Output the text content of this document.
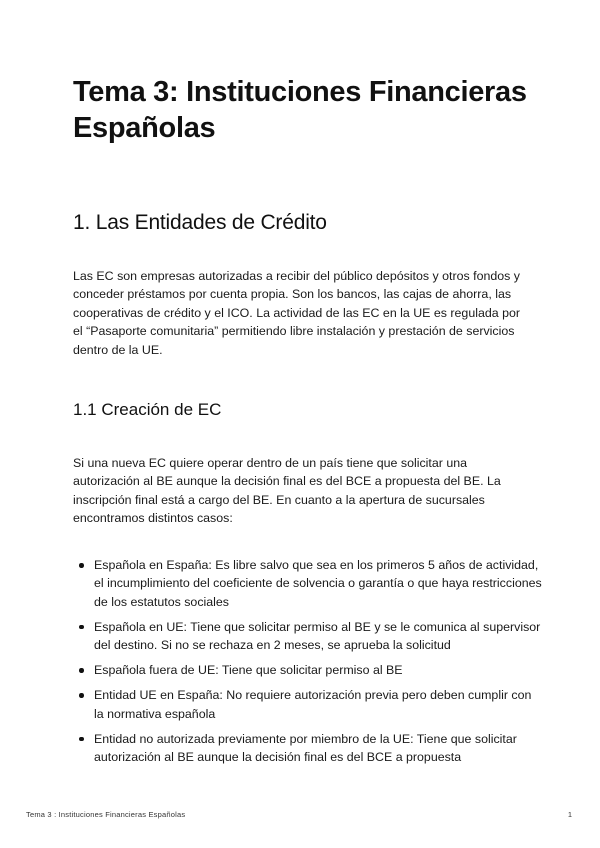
Tema 3: Instituciones Financieras Españolas
1. Las Entidades de Crédito

Las EC son empresas autorizadas a recibir del público depósitos y otros fondos y conceder préstamos por cuenta propia. Son los bancos, las cajas de ahorra, las cooperativas de crédito y el ICO. La actividad de las EC en la UE es regulada por el “Pasaporte comunitaria” permitiendo libre instalación y prestación de servicios dentro de la UE.

1.1 Creación de EC

Si una nueva EC quiere operar dentro de un país tiene que solicitar una autorización al BE aunque la decisión final es del BCE a propuesta del BE. La inscripción final está a cargo del BE. En cuanto a la apertura de sucursales encontramos distintos casos:

Española en España: Es libre salvo que sea en los primeros 5 años de actividad, el incumplimiento del coeficiente de solvencia o garantía o que haya restricciones de los estatutos sociales
Española en UE: Tiene que solicitar permiso al BE y se le comunica al supervisor del destino. Si no se rechaza en 2 meses, se aprueba la solicitud
Española fuera de UE: Tiene que solicitar permiso al BE
Entidad UE en España: No requiere autorización previa pero deben cumplir con la normativa española
Entidad no autorizada previamente por miembro de la UE: Tiene que solicitar autorización al BE aunque la decisión final es del BCE a propuesta
Tema 3 : Instituciones Financieras Españolas	1
